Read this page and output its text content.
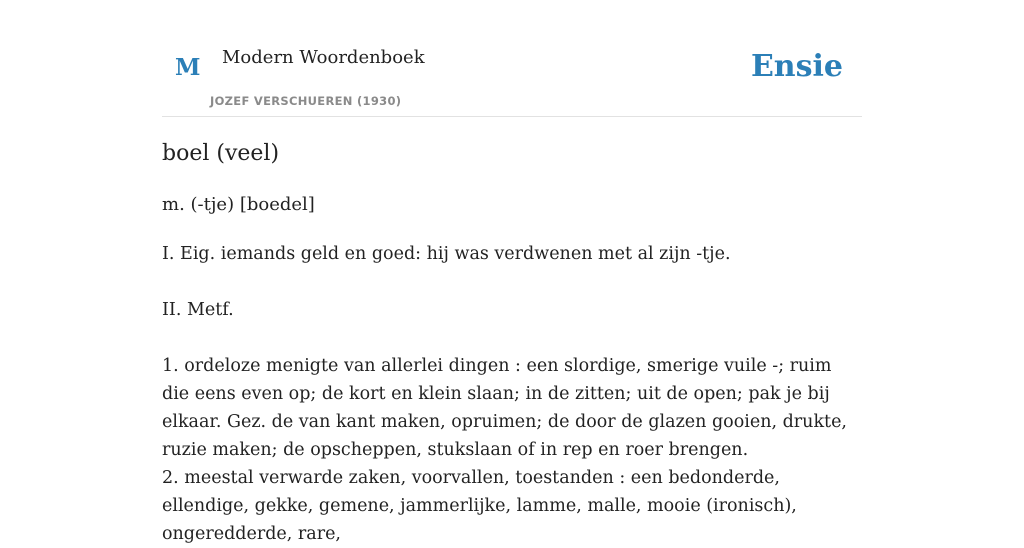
M Modern Woordenboek
JOZEF VERSCHUEREN (1930)
Ensie
boel (veel)

m. (-tje) [boedel]

I. Eig. iemands geld en goed: hij was verdwenen met al zijn -tje.

II. Metf.

1. ordeloze menigte van allerlei dingen : een slordige, smerige vuile -; ruim die eens even op; de kort en klein slaan; in de zitten; uit de open; pak je bij elkaar. Gez. de van kant maken, opruimen; de door de glazen gooien, drukte, ruzie maken; de opscheppen, stukslaan of in rep en roer brengen.

2. meestal verwarde zaken, voorvallen, toestanden : een bedonderde, ellendige, gekke, gemene, jammerlijke, lamme, malle, mooie (ironisch), ongeredderde, rare,
